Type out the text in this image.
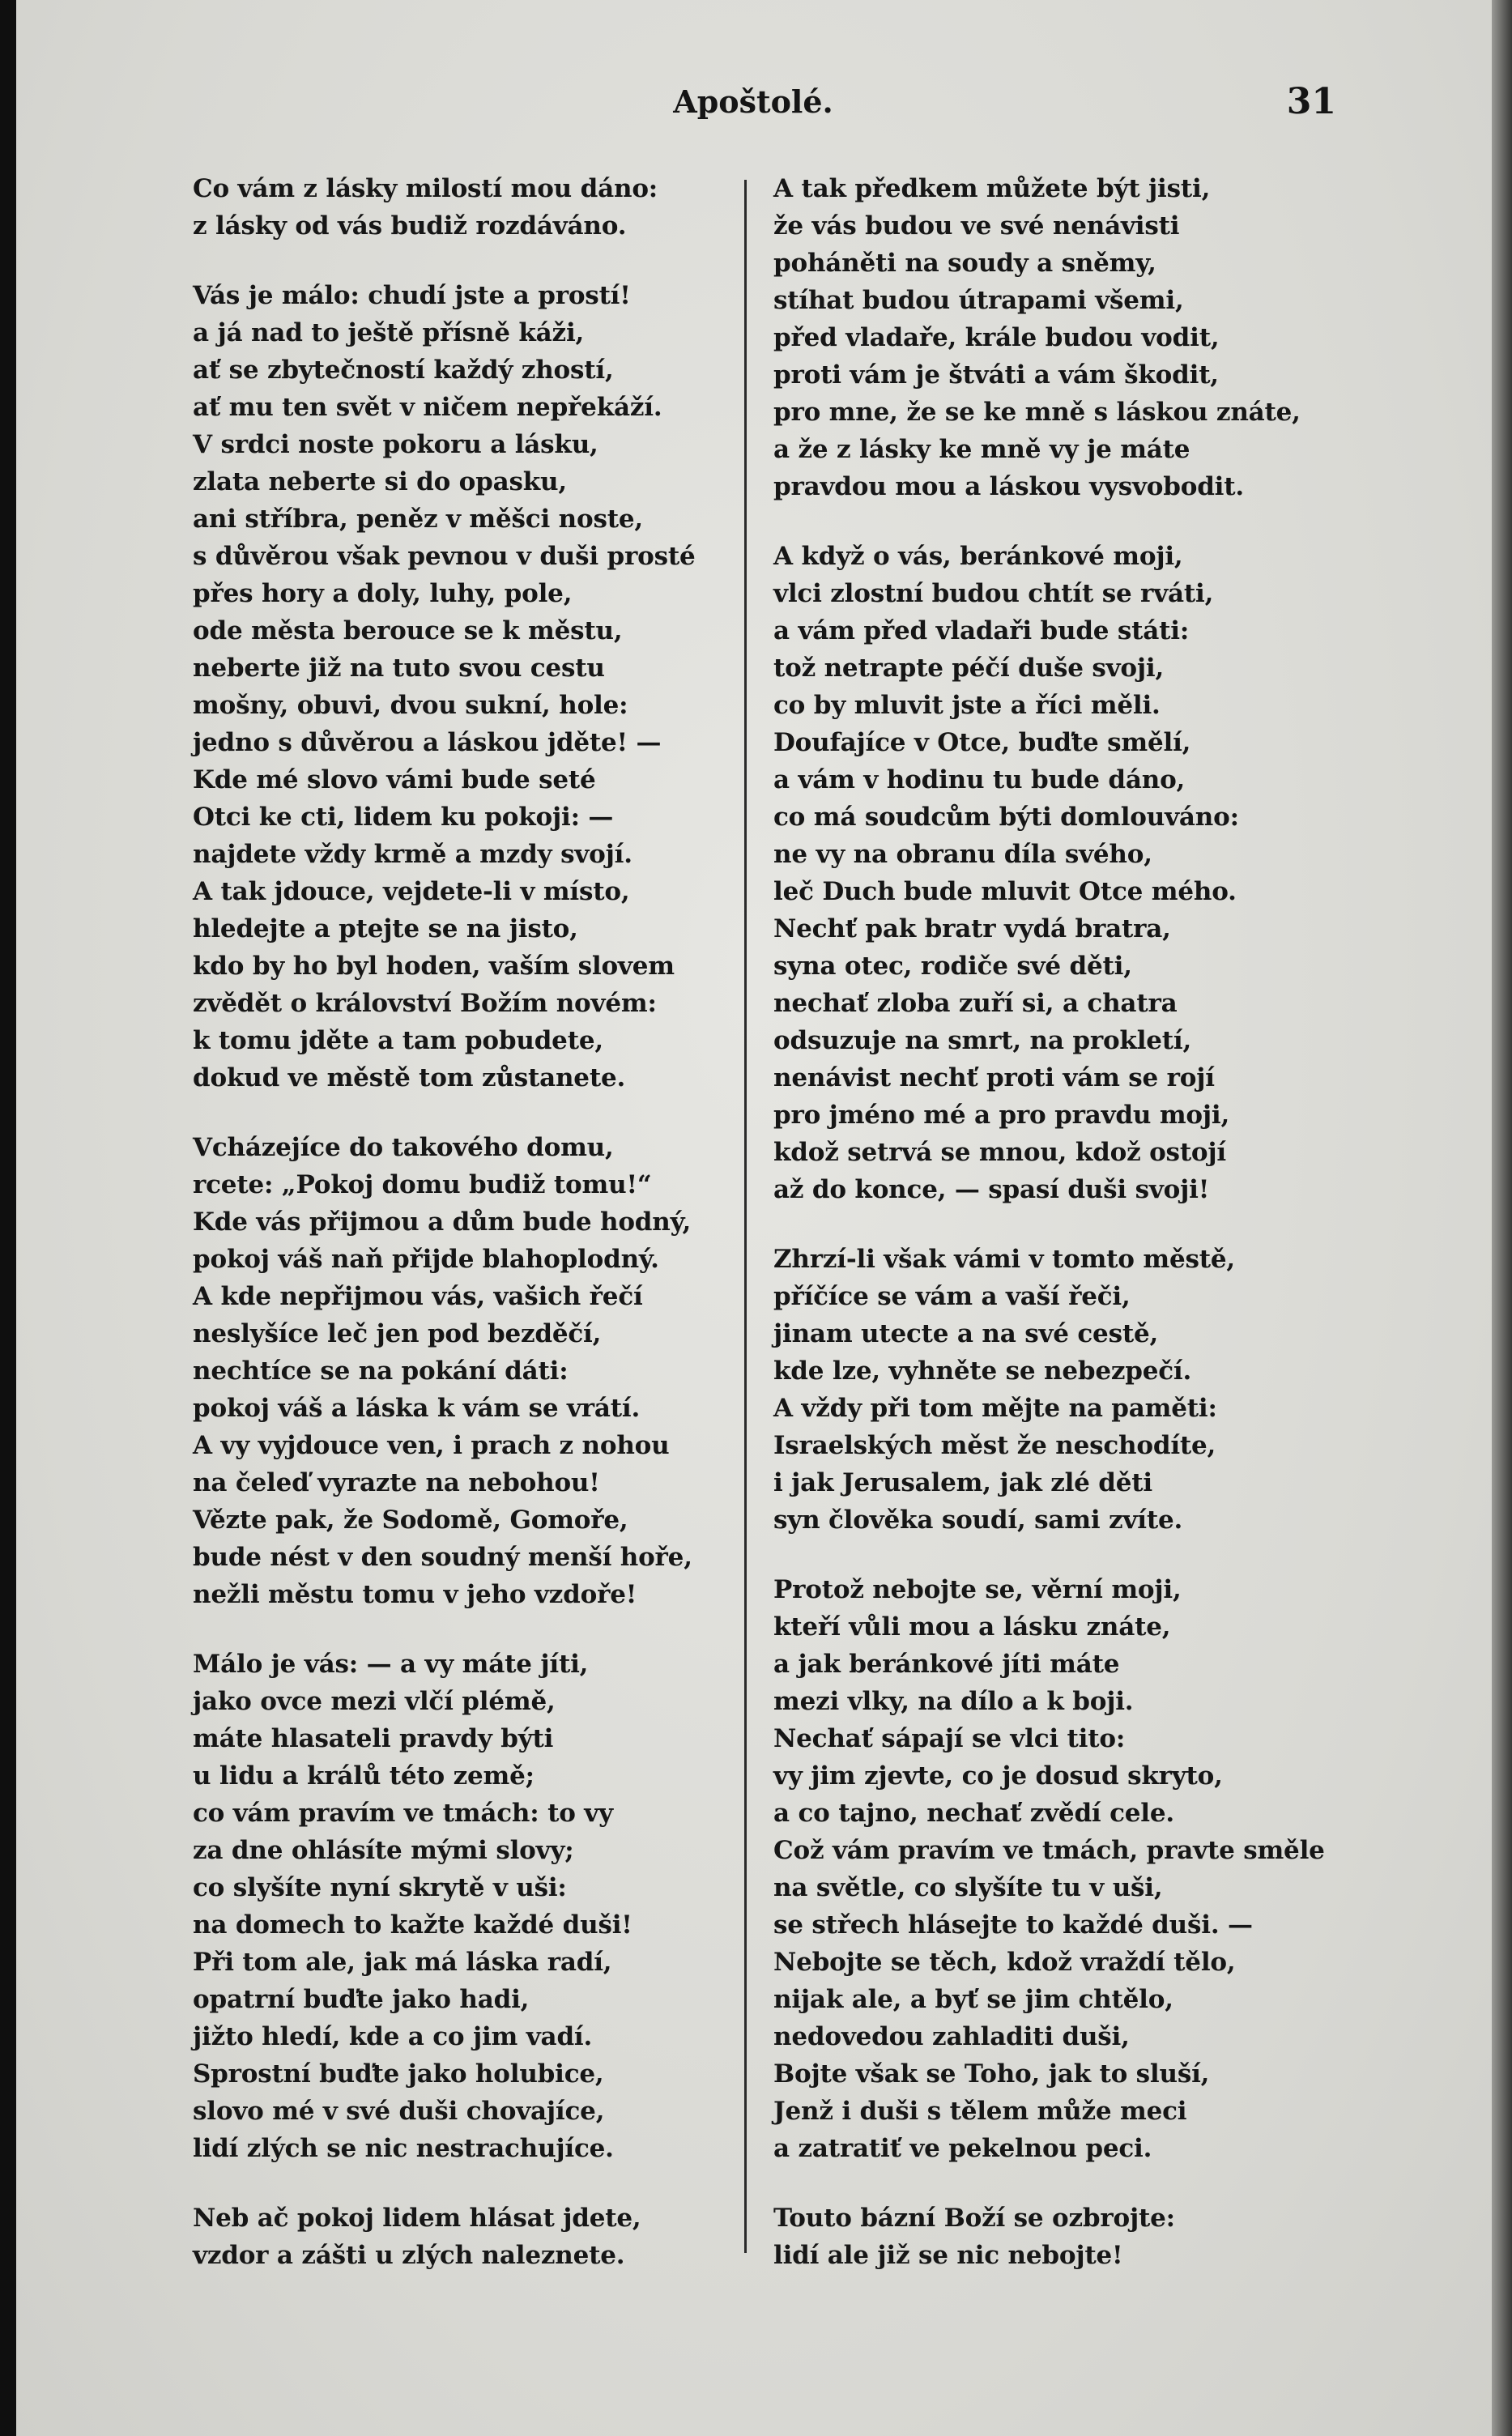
Apoštolé.	31
Co vám z lásky milostí mou dáno:
z lásky od vás budiž rozdáváno.
Vás je málo: chudí jste a prostí!
a já nad to ještě přísně káži,
ať se zbytečností každý zhostí,
ať mu ten svět v ničem nepřekáží.
V srdci noste pokoru a lásku,
zlata neberte si do opasku,
ani stříbra, peněz v měšci noste,
s důvěrou však pevnou v duši prosté
přes hory a doly, luhy, pole,
ode města berouce se k městu,
neberte již na tuto svou cestu
mošny, obuvi, dvou sukní, hole:
jedno s důvěrou a láskou jděte! —
Kde mé slovo vámi bude seté
Otci ke cti, lidem ku pokoji: —
najdete vždy krmě a mzdy svojí.
A tak jdouce, vejdete-li v místo,
hledejte a ptejte se na jisto,
kdo by ho byl hoden, vaším slovem
zvědět o království Božím novém:
k tomu jděte a tam pobudete,
dokud ve městě tom zůstanete.
Vcházejíce do takového domu,
rcete: „Pokoj domu budiž tomu!“
Kde vás přijmou a dům bude hodný,
pokoj váš naň přijde blahoplodný.
A kde nepřijmou vás, vašich řečí
neslyšíce leč jen pod bezděčí,
nechtíce se na pokání dáti:
pokoj váš a láska k vám se vrátí.
A vy vyjdouce ven, i prach z nohou
na čeleď vyrazte na nebohou!
Vězte pak, že Sodomě, Gomoře,
bude nést v den soudný menší hoře,
nežli městu tomu v jeho vzdoře!
Málo je vás: — a vy máte jíti,
jako ovce mezi vlčí plémě,
máte hlasateli pravdy býti
u lidu a králů této země;
co vám pravím ve tmách: to vy
za dne ohlásíte mými slovy;
co slyšíte nyní skrytě v uši:
na domech to kažte každé duši!
Při tom ale, jak má láska radí,
opatrní buďte jako hadi,
jižto hledí, kde a co jim vadí.
Sprostní buďte jako holubice,
slovo mé v své duši chovajíce,
lidí zlých se nic nestrachujíce.
Neb ač pokoj lidem hlásat jdete,
vzdor a zášti u zlých naleznete.
A tak předkem můžete být jisti,
že vás budou ve své nenávisti
poháněti na soudy a sněmy,
stíhat budou útrapami všemi,
před vladaře, krále budou vodit,
proti vám je štváti a vám škodit,
pro mne, že se ke mně s láskou znáte,
a že z lásky ke mně vy je máte
pravdou mou a láskou vysvobodit.
A když o vás, beránkové moji,
vlci zlostní budou chtít se rváti,
a vám před vladaři bude státi:
tož netrapte péčí duše svoji,
co by mluvit jste a říci měli.
Doufajíce v Otce, buďte smělí,
a vám v hodinu tu bude dáno,
co má soudcům býti domlouváno:
ne vy na obranu díla svého,
leč Duch bude mluvit Otce mého.
Nechť pak bratr vydá bratra,
syna otec, rodiče své děti,
nechať zloba zuří si, a chatra
odsuzuje na smrt, na prokletí,
nenávist nechť proti vám se rojí
pro jméno mé a pro pravdu moji,
kdož setrvá se mnou, kdož ostojí
až do konce, — spasí duši svoji!
Zhrzí-li však vámi v tomto městě,
příčíce se vám a vaší řeči,
jinam utecte a na své cestě,
kde lze, vyhněte se nebezpečí.
A vždy při tom mějte na paměti:
Israelských měst že neschodíte,
i jak Jerusalem, jak zlé děti
syn člověka soudí, sami zvíte.
Protož nebojte se, věrní moji,
kteří vůli mou a lásku znáte,
a jak beránkové jíti máte
mezi vlky, na dílo a k boji.
Nechať sápají se vlci tito:
vy jim zjevte, co je dosud skryto,
a co tajno, nechať zvědí cele.
Což vám pravím ve tmách, pravte směle
na světle, co slyšíte tu v uši,
se střech hlásejte to každé duši. —
Nebojte se těch, kdož vraždí tělo,
nijak ale, a byť se jim chtělo,
nedovedou zahladiti duši,
Bojte však se Toho, jak to sluší,
Jenž i duši s tělem může meci
a zatratiť ve pekelnou peci.
Touto bázní Boží se ozbrojte:
lidí ale již se nic nebojte!
